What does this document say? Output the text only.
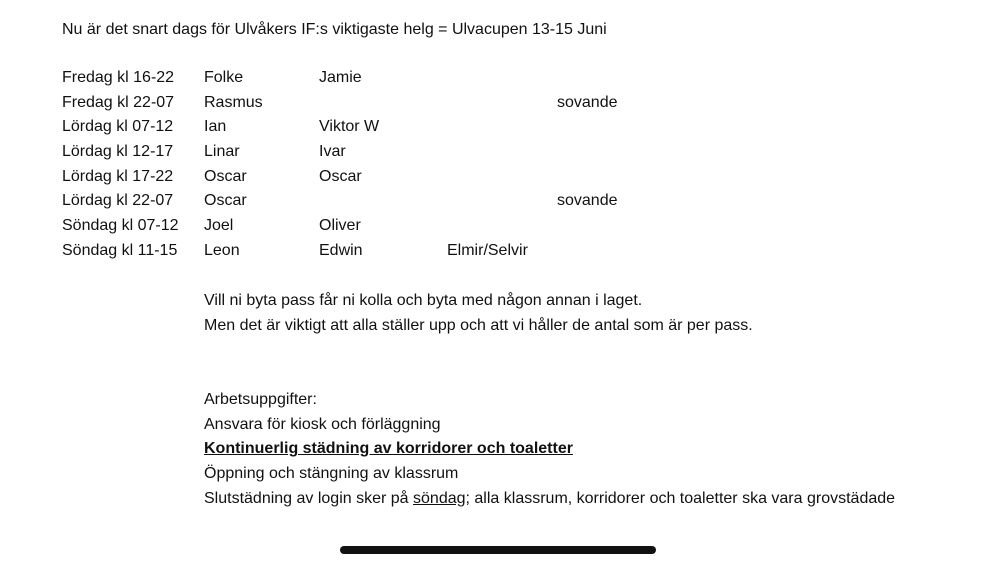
Nu är det snart dags för Ulvåkers IF:s viktigaste helg = Ulvacupen 13-15 Juni
Fredag kl 16-22	Folke	Jamie		
Fredag kl 22-07	Rasmus			sovande
Lördag kl 07-12	Ian	Viktor W		
Lördag kl 12-17	Linar	Ivar		
Lördag kl 17-22	Oscar	Oscar		
Lördag kl 22-07	Oscar			sovande
Söndag kl 07-12	Joel	Oliver		
Söndag kl 11-15	Leon	Edwin	Elmir/Selvir	
Vill ni byta pass får ni kolla och byta med någon annan i laget.
Men det är viktigt att alla ställer upp och att vi håller de antal som är per pass.
Arbetsuppgifter:
Ansvara för kiosk och förläggning
Kontinuerlig städning av korridorer och toaletter
Öppning och stängning av klassrum
Slutstädning av login sker på söndag; alla klassrum, korridorer och toaletter ska vara grovstädade
